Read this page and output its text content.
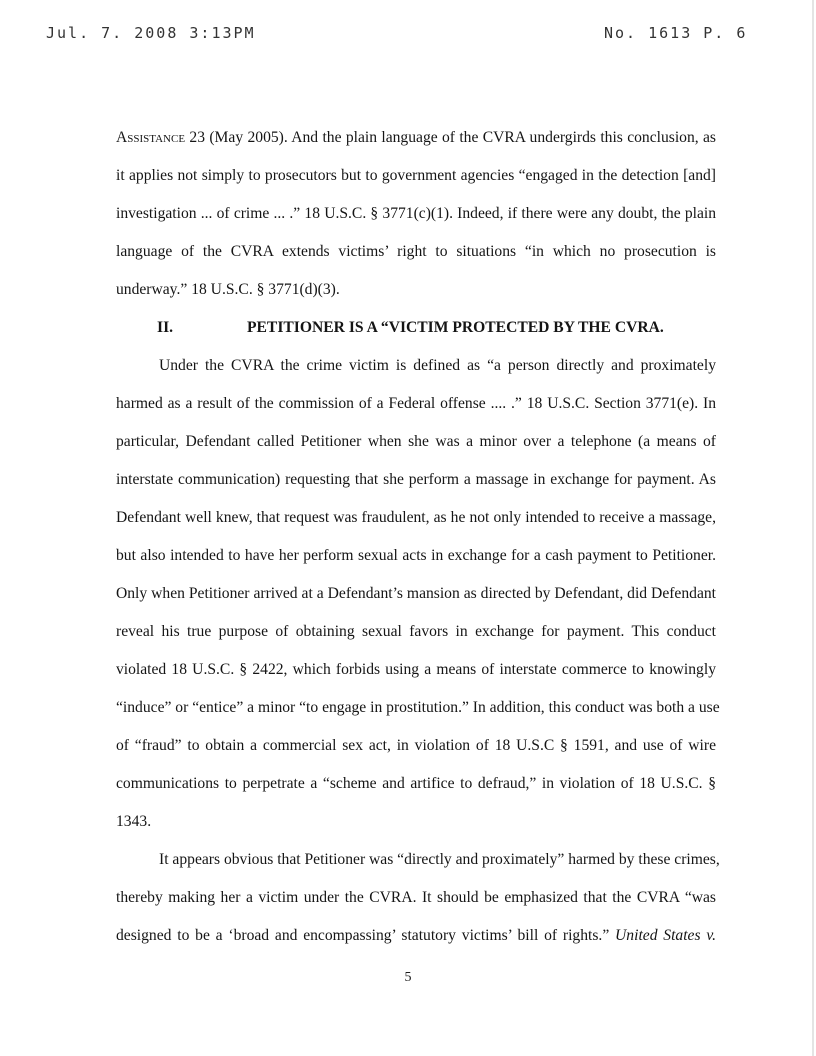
Jul. 7. 2008 3:13PM	No. 1613 P. 6
Assistance 23 (May 2005). And the plain language of the CVRA undergirds this conclusion, as
it applies not simply to prosecutors but to government agencies “engaged in the detection [and]
investigation ... of crime ... .” 18 U.S.C. § 3771(c)(1). Indeed, if there were any doubt, the plain
language of the CVRA extends victims’ right to situations “in which no prosecution is
underway.” 18 U.S.C. § 3771(d)(3).
II.	PETITIONER IS A “VICTIM PROTECTED BY THE CVRA.
Under the CVRA the crime victim is defined as “a person directly and proximately
harmed as a result of the commission of a Federal offense .... .” 18 U.S.C. Section 3771(e). In
particular, Defendant called Petitioner when she was a minor over a telephone (a means of
interstate communication) requesting that she perform a massage in exchange for payment. As
Defendant well knew, that request was fraudulent, as he not only intended to receive a massage,
but also intended to have her perform sexual acts in exchange for a cash payment to Petitioner.
Only when Petitioner arrived at a Defendant’s mansion as directed by Defendant, did Defendant
reveal his true purpose of obtaining sexual favors in exchange for payment. This conduct
violated 18 U.S.C. § 2422, which forbids using a means of interstate commerce to knowingly
“induce” or “entice” a minor “to engage in prostitution.” In addition, this conduct was both a use
of “fraud” to obtain a commercial sex act, in violation of 18 U.S.C § 1591, and use of wire
communications to perpetrate a “scheme and artifice to defraud,” in violation of 18 U.S.C. §
1343.
It appears obvious that Petitioner was “directly and proximately” harmed by these crimes,
thereby making her a victim under the CVRA. It should be emphasized that the CVRA “was
designed to be a ‘broad and encompassing’ statutory victims’ bill of rights.” United States v.
5
